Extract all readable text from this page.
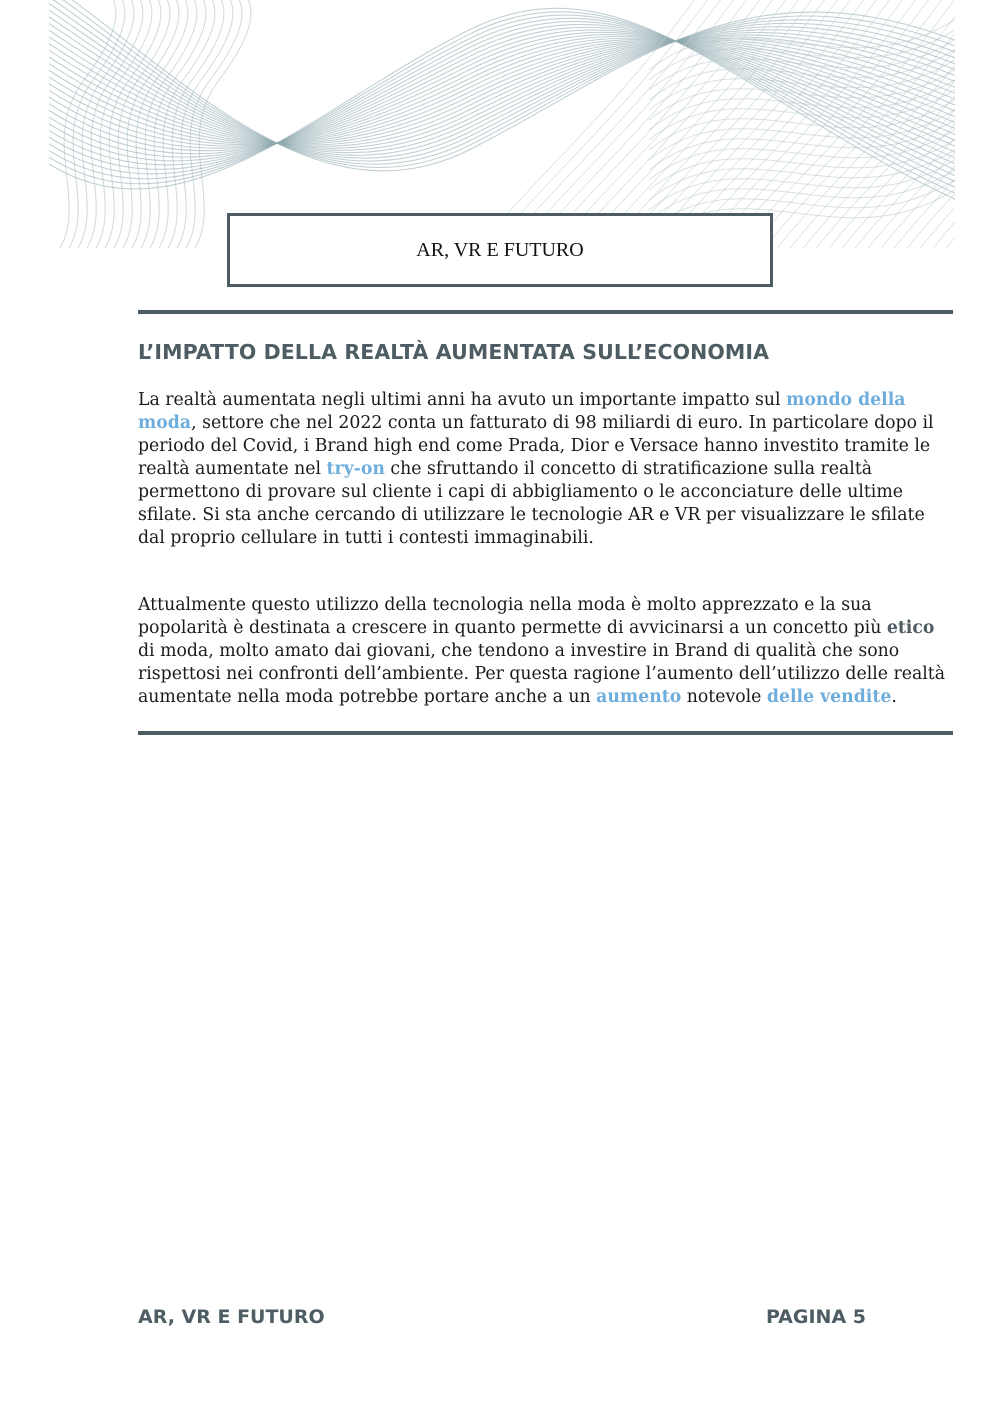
AR, VR E FUTURO
L’IMPATTO DELLA REALTÀ AUMENTATA SULL’ECONOMIA

La realtà aumentata negli ultimi anni ha avuto un importante impatto sul mondo della moda, settore che nel 2022 conta un fatturato di 98 miliardi di euro. In particolare dopo il periodo del Covid, i Brand high end come Prada, Dior e Versace hanno investito tramite le realtà aumentate nel try-on che sfruttando il concetto di stratificazione sulla realtà permettono di provare sul cliente i capi di abbigliamento o le acconciature delle ultime sfilate. Si sta anche cercando di utilizzare le tecnologie AR e VR per visualizzare le sfilate dal proprio cellulare in tutti i contesti immaginabili.

Attualmente questo utilizzo della tecnologia nella moda è molto apprezzato e la sua popolarità è destinata a crescere in quanto permette di avvicinarsi a un concetto più etico di moda, molto amato dai giovani, che tendono a investire in Brand di qualità che sono rispettosi nei confronti dell’ambiente. Per questa ragione l’aumento dell’utilizzo delle realtà aumentate nella moda potrebbe portare anche a un aumento notevole delle vendite.

AR, VR E FUTURO	PAGINA 5
